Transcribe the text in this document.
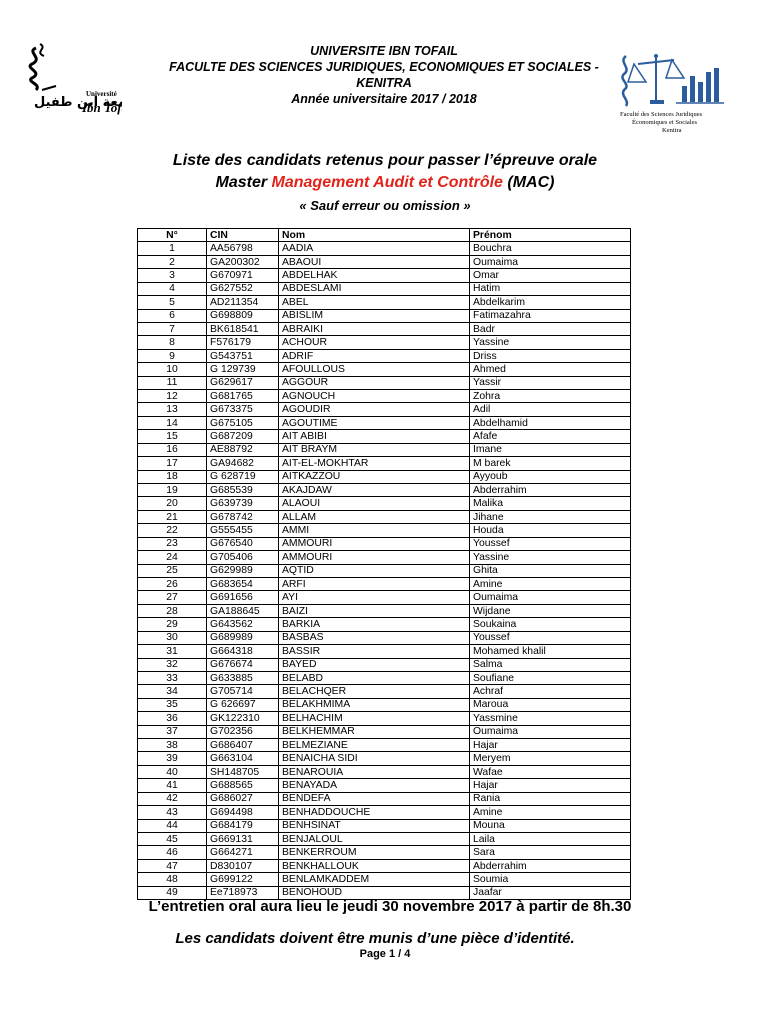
عة ابن طفيل
Université
Ibn Tof
UNIVERSITE IBN TOFAIL
FACULTE DES SCIENCES JURIDIQUES, ECONOMIQUES ET SOCIALES - KENITRA
Année universitaire 2017 / 2018
Faculté des Sciences Juridiques
Économiques et Sociales
Kenitra
Liste des candidats retenus pour passer l’épreuve orale
Master Management Audit et Contrôle (MAC)
« Sauf erreur ou omission »
N°	CIN	Nom	Prénom
1	AA56798	AADIA	Bouchra
2	GA200302	ABAOUI	Oumaima
3	G670971	ABDELHAK	Omar
4	G627552	ABDESLAMI	Hatim
5	AD211354	ABEL	Abdelkarim
6	G698809	ABISLIM	Fatimazahra
7	BK618541	ABRAIKI	Badr
8	F576179	ACHOUR	Yassine
9	G543751	ADRIF	Driss
10	G 129739	AFOULLOUS	Ahmed
11	G629617	AGGOUR	Yassir
12	G681765	AGNOUCH	Zohra
13	G673375	AGOUDIR	Adil
14	G675105	AGOUTIME	Abdelhamid
15	G687209	AIT ABIBI	Afafe
16	AE88792	AIT BRAYM	Imane
17	GA94682	AIT-EL-MOKHTAR	M barek
18	G 628719	AITKAZZOU	Ayyoub
19	G685539	AKAJDAW	Abderrahim
20	G639739	ALAOUI	Malika
21	G678742	ALLAM	Jihane
22	G555455	AMMI	Houda
23	G676540	AMMOURI	Youssef
24	G705406	AMMOURI	Yassine
25	G629989	AQTID	Ghita
26	G683654	ARFI	Amine
27	G691656	AYI	Oumaima
28	GA188645	BAIZI	Wijdane
29	G643562	BARKIA	Soukaina
30	G689989	BASBAS	Youssef
31	G664318	BASSIR	Mohamed khalil
32	G676674	BAYED	Salma
33	G633885	BELABD	Soufiane
34	G705714	BELACHQER	Achraf
35	G 626697	BELAKHMIMA	Maroua
36	GK122310	BELHACHIM	Yassmine
37	G702356	BELKHEMMAR	Oumaima
38	G686407	BELMEZIANE	Hajar
39	G663104	BENAICHA SIDI	Meryem
40	SH148705	BENAROUIA	Wafae
41	G688565	BENAYADA	Hajar
42	G686027	BENDEFA	Rania
43	G694498	BENHADDOUCHE	Amine
44	G684179	BENHSINAT	Mouna
45	G669131	BENJALOUL	Laila
46	G664271	BENKERROUM	Sara
47	D830107	BENKHALLOUK	Abderrahim
48	G699122	BENLAMKADDEM	Soumia
49	Ee718973	BENOHOUD	Jaafar
L’entretien oral aura lieu le jeudi 30 novembre 2017 à partir de 8h.30
Les candidats doivent être munis d’une pièce d’identité.
Page 1 / 4
